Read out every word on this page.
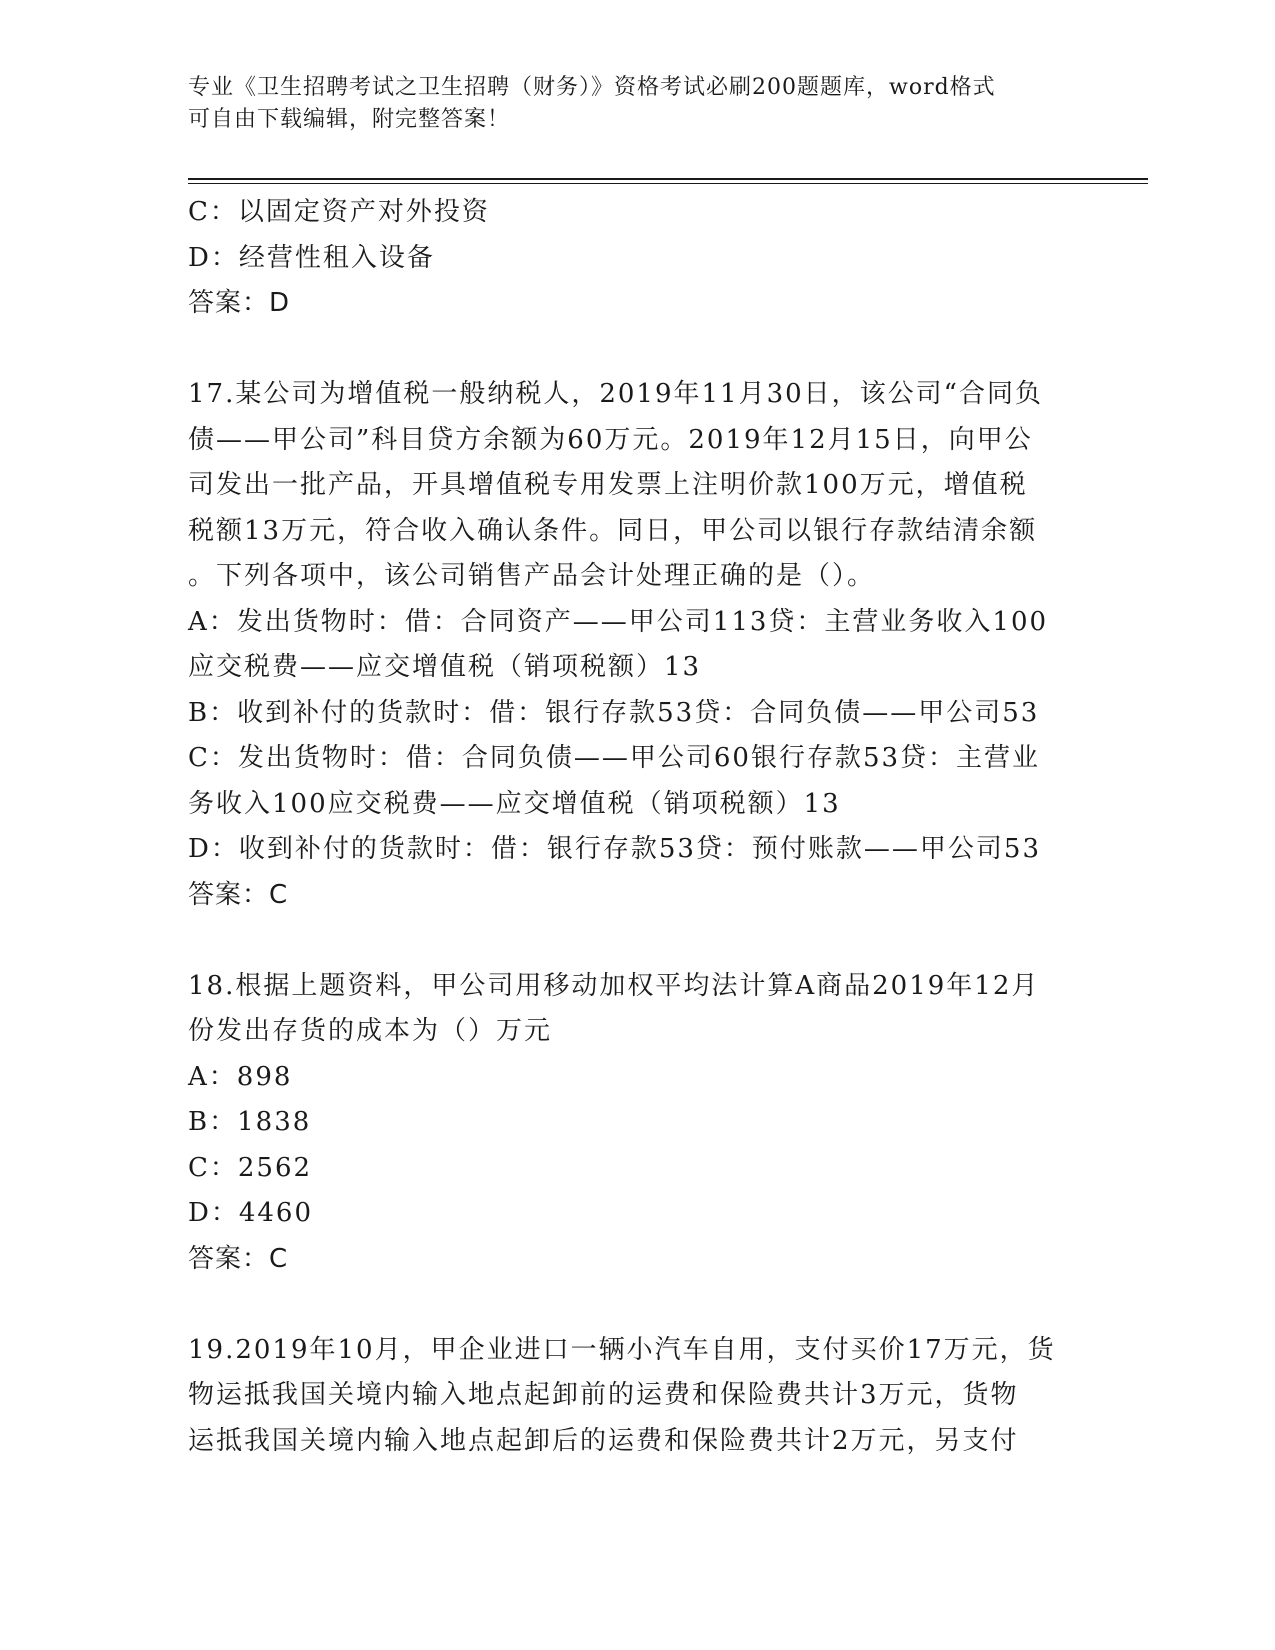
专业《卫生招聘考试之卫生招聘（财务）》资格考试必刷200题题库，word格式
可自由下载编辑，附完整答案！
C：以固定资产对外投资
D：经营性租入设备
答案：D
17.某公司为增值税一般纳税人，2019年11月30日，该公司“合同负
债——甲公司”科目贷方余额为60万元。2019年12月15日，向甲公
司发出一批产品，开具增值税专用发票上注明价款100万元，增值税
税额13万元，符合收入确认条件。同日，甲公司以银行存款结清余额
。下列各项中，该公司销售产品会计处理正确的是（）。
A：发出货物时：借：合同资产——甲公司113贷：主营业务收入100
应交税费——应交增值税（销项税额）13
B：收到补付的货款时：借：银行存款53贷：合同负债——甲公司53
C：发出货物时：借：合同负债——甲公司60银行存款53贷：主营业
务收入100应交税费——应交增值税（销项税额）13
D：收到补付的货款时：借：银行存款53贷：预付账款——甲公司53
答案：C
18.根据上题资料，甲公司用移动加权平均法计算A商品2019年12月
份发出存货的成本为（）万元
A：898
B：1838
C：2562
D：4460
答案：C
19.2019年10月，甲企业进口一辆小汽车自用，支付买价17万元，货
物运抵我国关境内输入地点起卸前的运费和保险费共计3万元，货物
运抵我国关境内输入地点起卸后的运费和保险费共计2万元，另支付
